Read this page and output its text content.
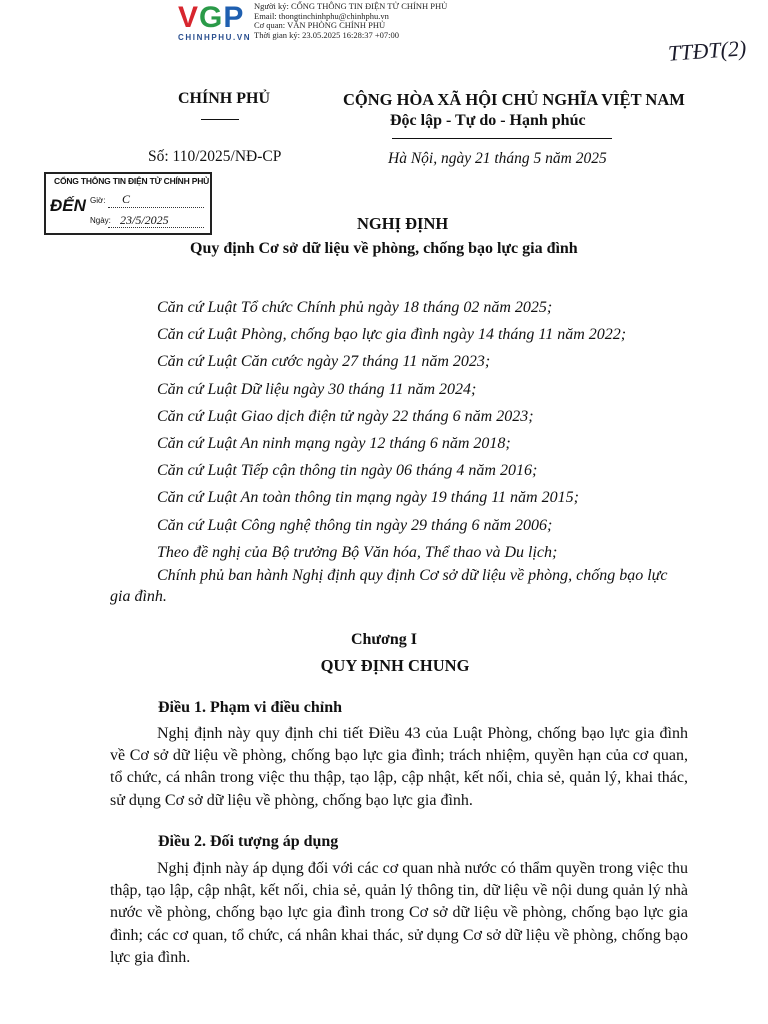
VGP
CHINHPHU.VN
Người ký: CỔNG THÔNG TIN ĐIỆN TỬ CHÍNH PHỦ
Email: thongtinchinhphu@chinhphu.vn
Cơ quan: VĂN PHÒNG CHÍNH PHỦ
Thời gian ký: 23.05.2025 16:28:37 +07:00
TTĐT(2)
CHÍNH PHỦ	CỘNG HÒA XÃ HỘI CHỦ NGHĨA VIỆT NAM
Độc lập - Tự do - Hạnh phúc
Số: 110/2025/NĐ-CP	Hà Nội, ngày 21 tháng 5 năm 2025
CỔNG THÔNG TIN ĐIỆN TỬ CHÍNH PHỦ
ĐẾN Giờ: C
Ngày: 23/5/2025	NGHỊ ĐỊNH
Quy định Cơ sở dữ liệu về phòng, chống bạo lực gia đình
Căn cứ Luật Tổ chức Chính phủ ngày 18 tháng 02 năm 2025;
Căn cứ Luật Phòng, chống bạo lực gia đình ngày 14 tháng 11 năm 2022;
Căn cứ Luật Căn cước ngày 27 tháng 11 năm 2023;
Căn cứ Luật Dữ liệu ngày 30 tháng 11 năm 2024;
Căn cứ Luật Giao dịch điện tử ngày 22 tháng 6 năm 2023;
Căn cứ Luật An ninh mạng ngày 12 tháng 6 năm 2018;
Căn cứ Luật Tiếp cận thông tin ngày 06 tháng 4 năm 2016;
Căn cứ Luật An toàn thông tin mạng ngày 19 tháng 11 năm 2015;
Căn cứ Luật Công nghệ thông tin ngày 29 tháng 6 năm 2006;
Theo đề nghị của Bộ trưởng Bộ Văn hóa, Thể thao và Du lịch;
Chính phủ ban hành Nghị định quy định Cơ sở dữ liệu về phòng, chống bạo lực gia đình.
Chương I
QUY ĐỊNH CHUNG
Điều 1. Phạm vi điều chỉnh
Nghị định này quy định chi tiết Điều 43 của Luật Phòng, chống bạo lực gia đình về Cơ sở dữ liệu về phòng, chống bạo lực gia đình; trách nhiệm, quyền hạn của cơ quan, tổ chức, cá nhân trong việc thu thập, tạo lập, cập nhật, kết nối, chia sẻ, quản lý, khai thác, sử dụng Cơ sở dữ liệu về phòng, chống bạo lực gia đình.
Điều 2. Đối tượng áp dụng
Nghị định này áp dụng đối với các cơ quan nhà nước có thẩm quyền trong việc thu thập, tạo lập, cập nhật, kết nối, chia sẻ, quản lý thông tin, dữ liệu về nội dung quản lý nhà nước về phòng, chống bạo lực gia đình trong Cơ sở dữ liệu về phòng, chống bạo lực gia đình; các cơ quan, tổ chức, cá nhân khai thác, sử dụng Cơ sở dữ liệu về phòng, chống bạo lực gia đình.
